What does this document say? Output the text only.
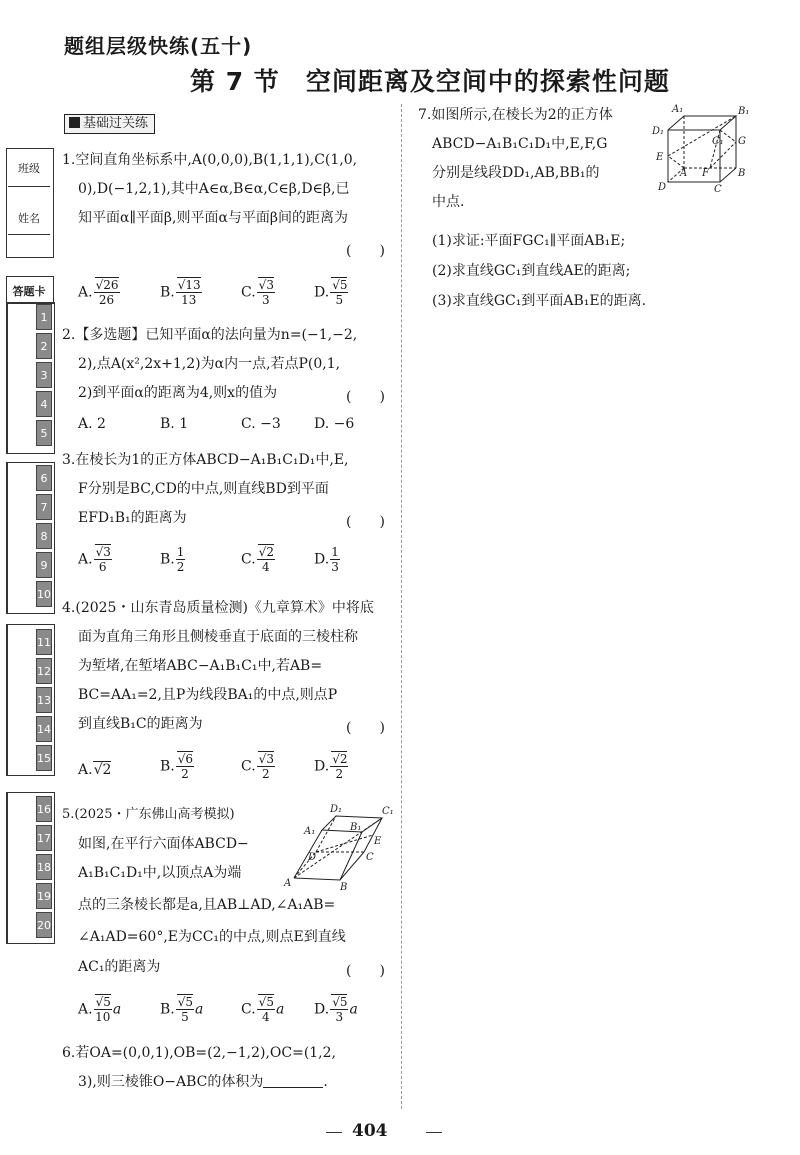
题组层级快练(五十)
第 7 节 空间距离及空间中的探索性问题
基础过关练
班级
姓名
答题卡
1
2
3
4
5
6
7
8
9
10
11
12
13
14
15
16
17
18
19
20
1.空间直角坐标系中,A(0,0,0),B(1,1,1),C(1,0,
0),D(−1,2,1),其中A∈α,B∈α,C∈β,D∈β,已
知平面α∥平面β,则平面α与平面β间的距离为
(　　)
A. √ $\frac{26}{26}$	B. √ $\frac{13}{13}$	C. √ $\frac{3}{3}$	D. √ $\frac{5}{5}$
2.【多选题】已知平面α的法向量为n=(−1,−2,
2),点A(x²,2x+1,2)为α内一点,若点P(0,1,
2)到平面α的距离为4,则x的值为	(　　)
A. 2	B. 1	C. −3 D. −6
3.在棱长为1的正方体ABCD−A₁B₁C₁D₁中,E,
F分别是BC,CD的中点,则直线BD到平面
EFD₁B₁的距离为	(　　)
A. √ $\frac{3}{6}$	B. $\frac{1}{2}$	C. √ $\frac{2}{4}$	D. $\frac{1}{3}$
4.(2025・山东青岛质量检测)《九章算术》中将底
面为直角三角形且侧棱垂直于底面的三棱柱称
为堑堵,在堑堵ABC−A₁B₁C₁中,若AB=
BC=AA₁=2,且P为线段BA₁的中点,则点P
到直线B₁C的距离为	(　　)
A. √ 2	B. √ $\frac{6}{2}$	C. √ $\frac{3}{2}$	D. √ $\frac{2}{2}$
5.(2025・广东佛山高考模拟)
如图,在平行六面体ABCD−
A₁B₁C₁D₁中,以顶点A为端
点的三条棱长都是a,且AB⊥AD,∠A₁AB=
∠A₁AD=60°,E为CC₁的中点,则点E到直线
AC₁的距离为	(　　)
A. √ $\frac{5}{10}$ a	B. √ $\frac{5}{5}$ a	C. √ $\frac{5}{4}$ a D. √ $\frac{5}{3}$ a
D₁	C₁
A₁	B₁
D	C
E
A	B
6.若OA=(0,0,1),OB=(2,−1,2),OC=(1,2,
3),则三棱锥O−ABC的体积为	.
7.如图所示,在棱长为2的正方体
ABCD−A₁B₁C₁D₁中,E,F,G
分别是线段DD₁,AB,BB₁的
中点.
(1)求证:平面FGC₁∥平面AB₁E;
(2)求直线GC₁到直线AE的距离;
(3)求直线GC₁到平面AB₁E的距离.
A₁	B₁
D₁
C₁ G
E
A F
D
B
C
404
